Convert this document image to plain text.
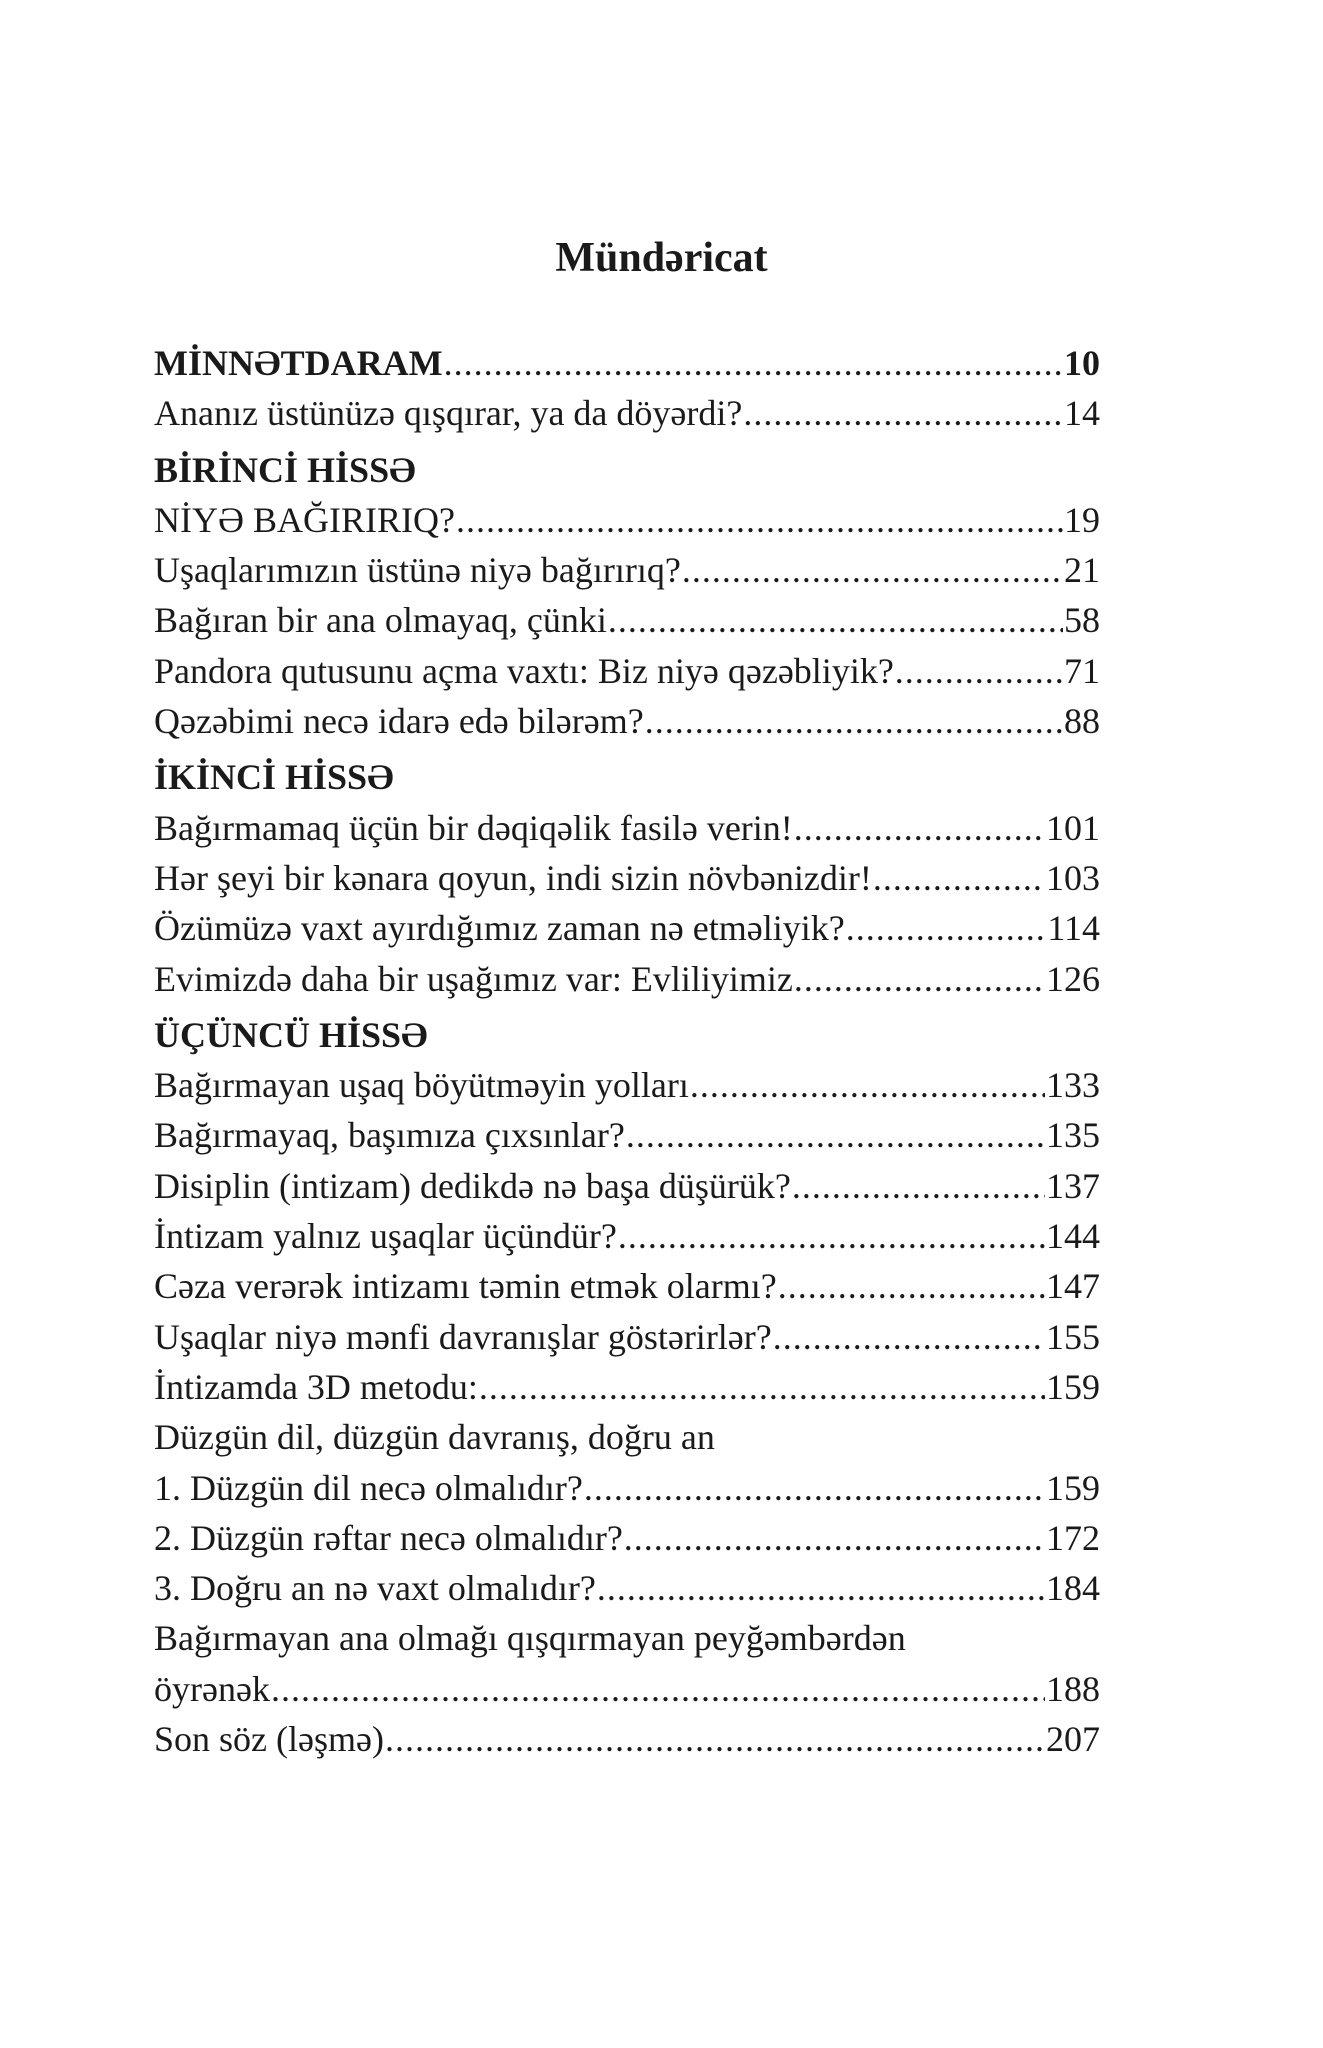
Mündəricat
MİNNƏTDARAM .....	10
Ananız üstünüzə qışqırar, ya da döyərdi? .....	14
BİRİNCİ HİSSƏ
NİYƏ BAĞIRIRIQ? .....	19
Uşaqlarımızın üstünə niyə bağırırıq? .....	21
Bağıran bir ana olmayaq, çünki .....	58
Pandora qutusunu açma vaxtı: Biz niyə qəzəbliyik? .....	71
Qəzəbimi necə idarə edə bilərəm? .....	88
İKİNCİ HİSSƏ
Bağırmamaq üçün bir dəqiqəlik fasilə verin! .....	101
Hər şeyi bir kənara qoyun, indi sizin növbənizdir! .....	103
Özümüzə vaxt ayırdığımız zaman nə etməliyik? .....	114
Evimizdə daha bir uşağımız var: Evliliyimiz .....	126
ÜÇÜNCÜ HİSSƏ
Bağırmayan uşaq böyütməyin yolları .....	133
Bağırmayaq, başımıza çıxsınlar? .....	135
Disiplin (intizam) dedikdə nə başa düşürük? .....	137
İntizam yalnız uşaqlar üçündür? .....	144
Cəza verərək intizamı təmin etmək olarmı? .....	147
Uşaqlar niyə mənfi davranışlar göstərirlər? .....	155
İntizamda 3D metodu: .....	159
Düzgün dil, düzgün davranış, doğru an
1. Düzgün dil necə olmalıdır? .....	159
2. Düzgün rəftar necə olmalıdır? .....	172
3. Doğru an nə vaxt olmalıdır? .....	184
Bağırmayan ana olmağı qışqırmayan peyğəmbərdən
öyrənək .....	188
Son söz (ləşmə) .....	207
